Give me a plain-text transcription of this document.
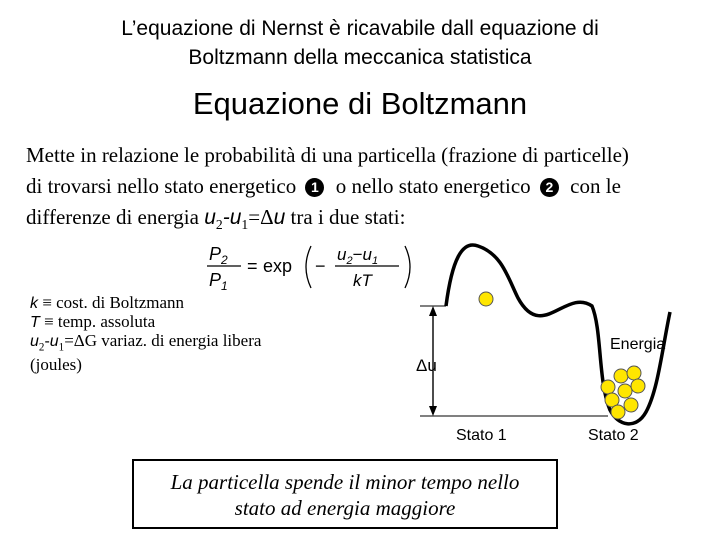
L’equazione di Nernst è ricavabile dall equazione di
Boltzmann della meccanica statistica
Equazione di Boltzmann
Mette in relazione le probabilità di una particella (frazione di particelle)
di trovarsi nello stato energetico 1 o nello stato energetico 2 con le
differenze di energia $u_2-u_1=\Delta u$ tra i due stati:
$P_2$
$P_1$
= exp −
$u_2-u_1$
kT
k ≡ cost. di Boltzmann
T ≡ temp. assoluta
$u_2-u_1=\Delta G$ variaz. di energia libera
(joules)	Δu
Energia
Stato 1	Stato 2
La particella spende il minor tempo nello
stato ad energia maggiore
